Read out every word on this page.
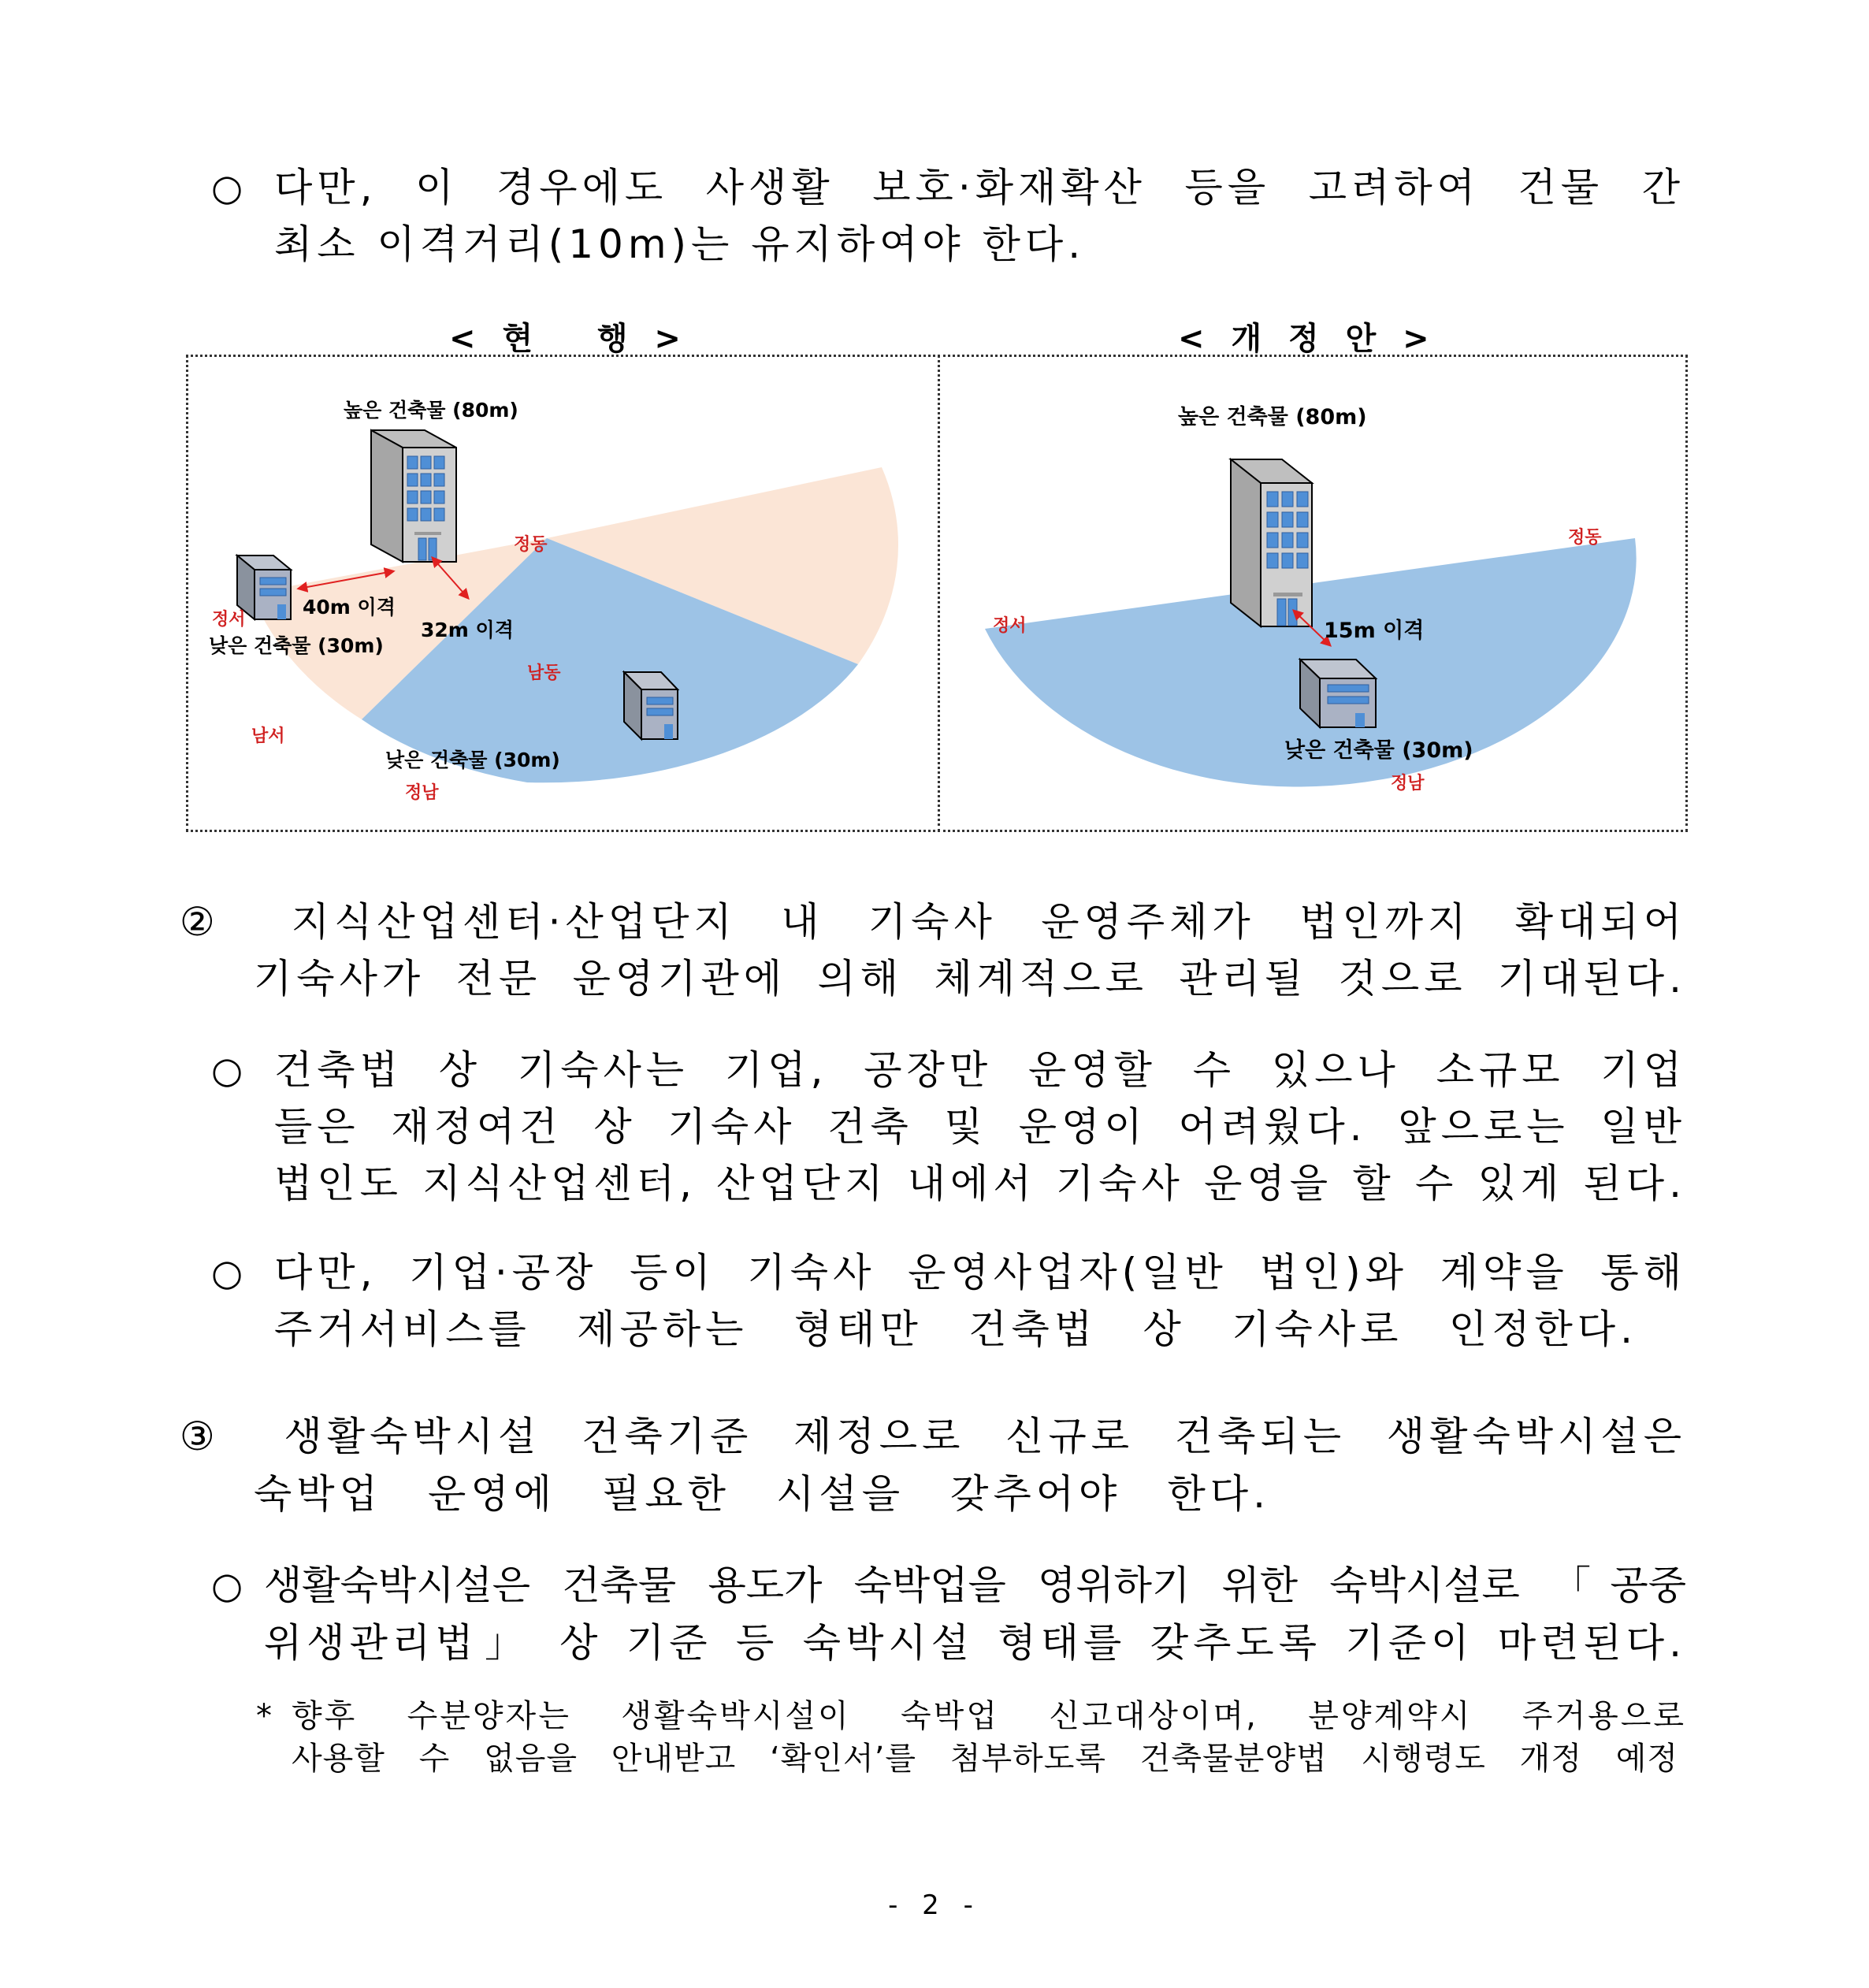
○ 다만, 이 경우에도 사생활 보호·화재확산 등을 고려하여 건물 간
최소 이격거리(10m)는 유지하여야 한다.
< 현   행 >	< 개 정 안 >
높은 건축물 (80m)
40m 이격
32m 이격
낮은 건축물 (30m)
낮은 건축물 (30m)
정동
정서
남동
남서
정남
높은 건축물 (80m)
15m 이격
낮은 건축물 (30m)
정동
정서
정남
② 지식산업센터·산업단지 내 기숙사 운영주체가 법인까지 확대되어
기숙사가 전문 운영기관에 의해 체계적으로 관리될 것으로 기대된다.
○ 건축법 상 기숙사는 기업, 공장만 운영할 수 있으나 소규모 기업
들은 재정여건 상 기숙사 건축 및 운영이 어려웠다. 앞으로는 일반
법인도 지식산업센터, 산업단지 내에서 기숙사 운영을 할 수 있게 된다.
○ 다만, 기업·공장 등이 기숙사 운영사업자(일반 법인)와 계약을 통해
주거서비스를 제공하는 형태만 건축법 상 기숙사로 인정한다.
③ 생활숙박시설 건축기준 제정으로 신규로 건축되는 생활숙박시설은
숙박업 운영에 필요한 시설을 갖추어야 한다.
○ 생활숙박시설은 건축물 용도가 숙박업을 영위하기 위한 숙박시설로 「공중
위생관리법」 상 기준 등 숙박시설 형태를 갖추도록 기준이 마련된다.
* 향후 수분양자는 생활숙박시설이 숙박업 신고대상이며, 분양계약시 주거용으로
사용할 수 없음을 안내받고 ‘확인서’를 첨부하도록 건축물분양법 시행령도 개정 예정
- 2 -
